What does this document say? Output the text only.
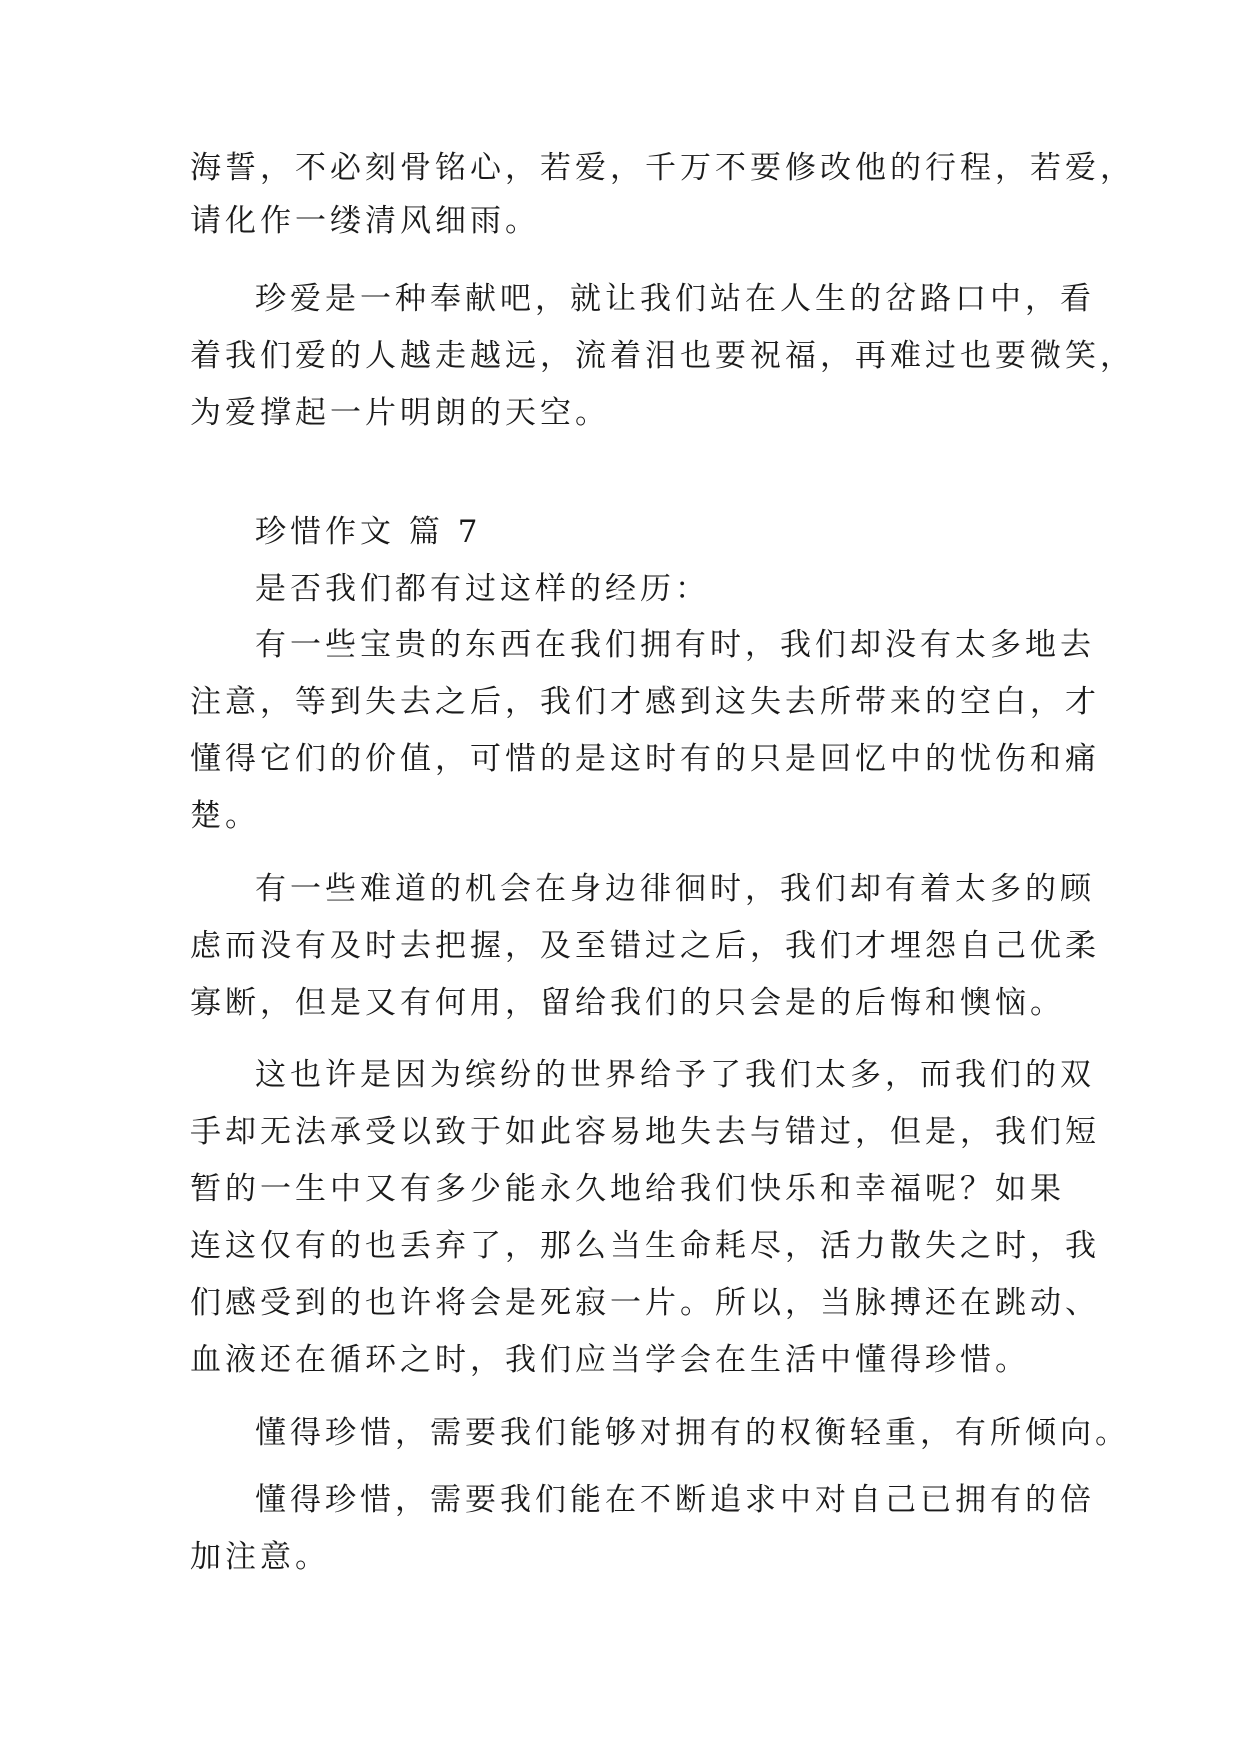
海誓，不必刻骨铭心，若爱，千万不要修改他的行程，若爱，
请化作一缕清风细雨。
珍爱是一种奉献吧，就让我们站在人生的岔路口中，看
着我们爱的人越走越远，流着泪也要祝福，再难过也要微笑，
为爱撑起一片明朗的天空。
珍惜作文 篇 7
是否我们都有过这样的经历：
有一些宝贵的东西在我们拥有时，我们却没有太多地去
注意，等到失去之后，我们才感到这失去所带来的空白，才
懂得它们的价值，可惜的是这时有的只是回忆中的忧伤和痛
楚。
有一些难道的机会在身边徘徊时，我们却有着太多的顾
虑而没有及时去把握，及至错过之后，我们才埋怨自己优柔
寡断，但是又有何用，留给我们的只会是的后悔和懊恼。
这也许是因为缤纷的世界给予了我们太多，而我们的双
手却无法承受以致于如此容易地失去与错过，但是，我们短
暂的一生中又有多少能永久地给我们快乐和幸福呢？如果
连这仅有的也丢弃了，那么当生命耗尽，活力散失之时，我
们感受到的也许将会是死寂一片。所以，当脉搏还在跳动、
血液还在循环之时，我们应当学会在生活中懂得珍惜。
懂得珍惜，需要我们能够对拥有的权衡轻重，有所倾向。
懂得珍惜，需要我们能在不断追求中对自己已拥有的倍
加注意。
